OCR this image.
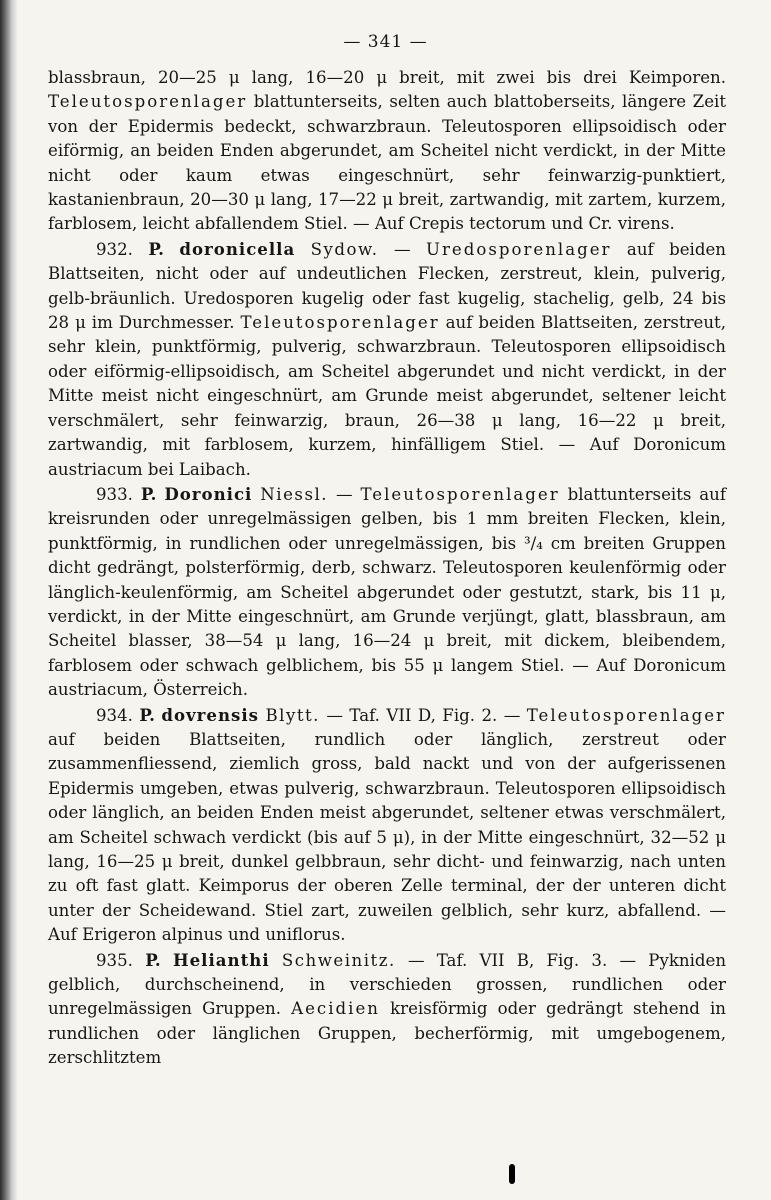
— 341 —

blassbraun, 20—25 μ lang, 16—20 μ breit, mit zwei bis drei Keimporen. Teleutosporenlager blattunterseits, selten auch blattoberseits, längere Zeit von der Epidermis bedeckt, schwarzbraun. Teleutosporen ellipsoidisch oder eiförmig, an beiden Enden abgerundet, am Scheitel nicht verdickt, in der Mitte nicht oder kaum etwas eingeschnürt, sehr feinwarzig-punktiert, kastanienbraun, 20—30 μ lang, 17—22 μ breit, zartwandig, mit zartem, kurzem, farblosem, leicht abfallendem Stiel. — Auf Crepis tectorum und Cr. virens.

932. P. doronicella Sydow. — Uredosporenlager auf beiden Blattseiten, nicht oder auf undeutlichen Flecken, zerstreut, klein, pulverig, gelb-bräunlich. Uredosporen kugelig oder fast kugelig, stachelig, gelb, 24 bis 28 μ im Durchmesser. Teleutosporenlager auf beiden Blattseiten, zerstreut, sehr klein, punktförmig, pulverig, schwarzbraun. Teleutosporen ellipsoidisch oder eiförmig-ellipsoidisch, am Scheitel abgerundet und nicht verdickt, in der Mitte meist nicht eingeschnürt, am Grunde meist abgerundet, seltener leicht verschmälert, sehr feinwarzig, braun, 26—38 μ lang, 16—22 μ breit, zartwandig, mit farblosem, kurzem, hinfälligem Stiel. — Auf Doronicum austriacum bei Laibach.

933. P. Doronici Niessl. — Teleutosporenlager blattunterseits auf kreisrunden oder unregelmässigen gelben, bis 1 mm breiten Flecken, klein, punktförmig, in rundlichen oder unregelmässigen, bis ³/₄ cm breiten Gruppen dicht gedrängt, polsterförmig, derb, schwarz. Teleutosporen keulenförmig oder länglich-keulenförmig, am Scheitel abgerundet oder gestutzt, stark, bis 11 μ, verdickt, in der Mitte eingeschnürt, am Grunde verjüngt, glatt, blassbraun, am Scheitel blasser, 38—54 μ lang, 16—24 μ breit, mit dickem, bleibendem, farblosem oder schwach gelblichem, bis 55 μ langem Stiel. — Auf Doronicum austriacum, Österreich.

934. P. dovrensis Blytt. — Taf. VII D, Fig. 2. — Teleutosporenlager auf beiden Blattseiten, rundlich oder länglich, zerstreut oder zusammenfliessend, ziemlich gross, bald nackt und von der aufgerissenen Epidermis umgeben, etwas pulverig, schwarzbraun. Teleutosporen ellipsoidisch oder länglich, an beiden Enden meist abgerundet, seltener etwas verschmälert, am Scheitel schwach verdickt (bis auf 5 μ), in der Mitte eingeschnürt, 32—52 μ lang, 16—25 μ breit, dunkel gelbbraun, sehr dicht- und feinwarzig, nach unten zu oft fast glatt. Keimporus der oberen Zelle terminal, der der unteren dicht unter der Scheidewand. Stiel zart, zuweilen gelblich, sehr kurz, abfallend. — Auf Erigeron alpinus und uniflorus.

935. P. Helianthi Schweinitz. — Taf. VII B, Fig. 3. — Pykniden gelblich, durchscheinend, in verschieden grossen, rundlichen oder unregelmässigen Gruppen. Aecidien kreisförmig oder gedrängt stehend in rundlichen oder länglichen Gruppen, becherförmig, mit umgebogenem, zerschlitztem
